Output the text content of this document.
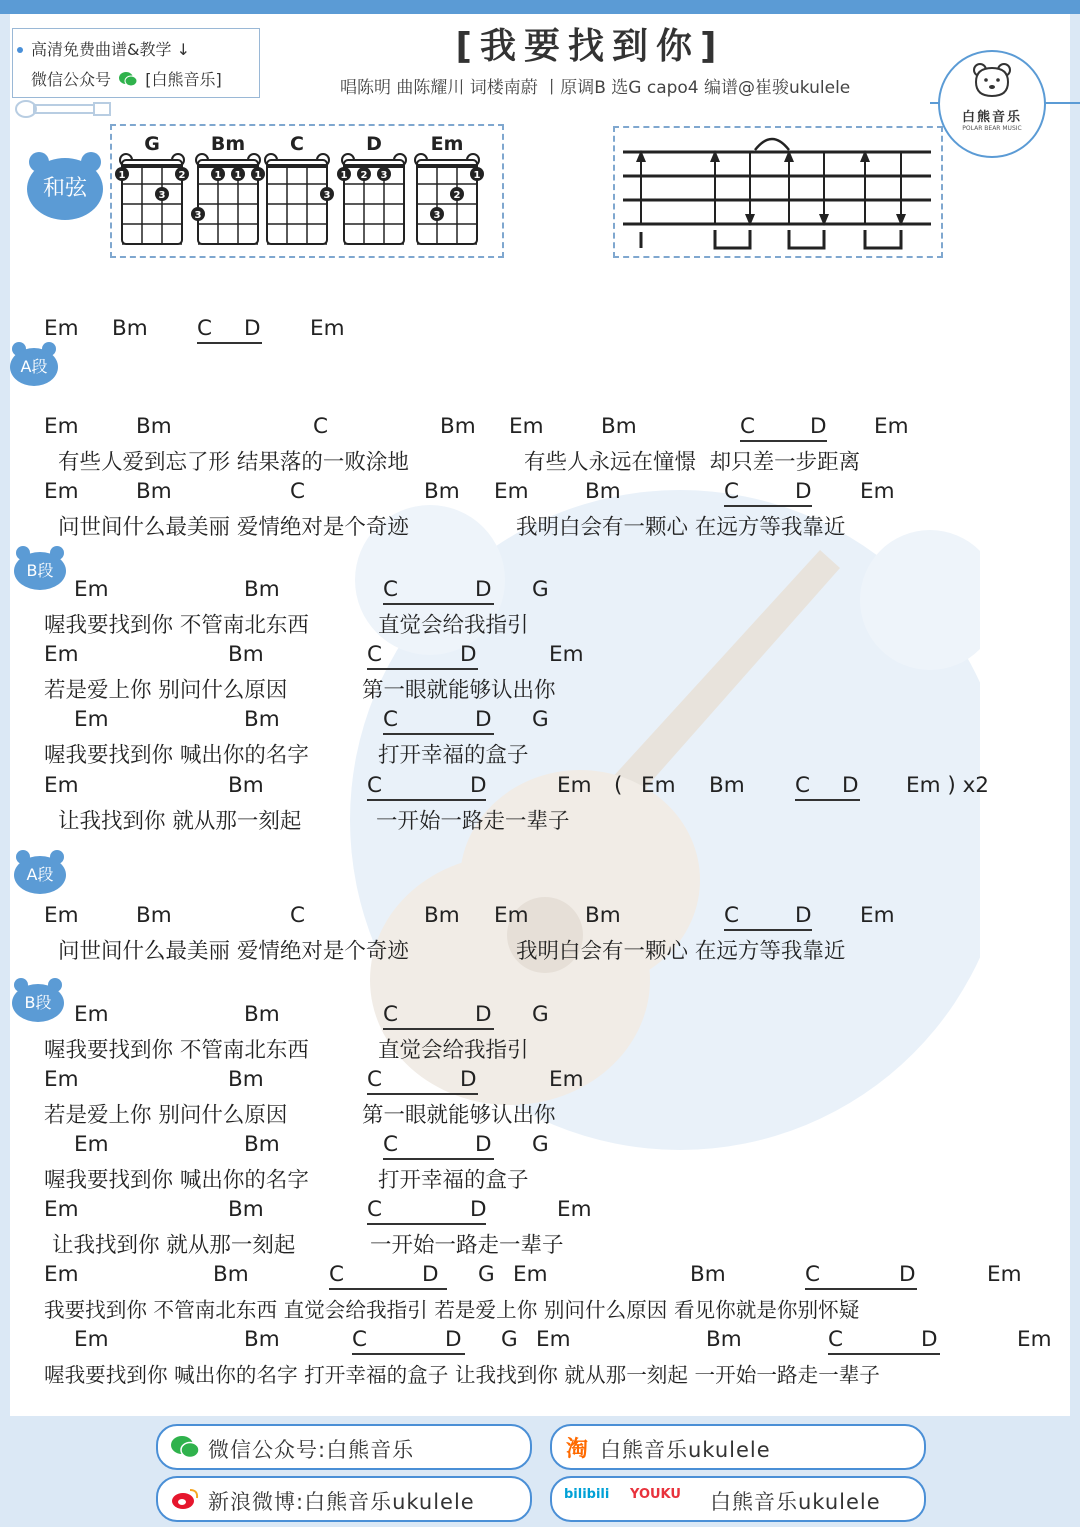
高清免费曲谱&教学 ↓
微信公众号 [白熊音乐]
[我要找到你]
唱陈明 曲陈耀川 词楼南蔚 丨原调B 选G capo4 编谱@崔骏ukulele
白熊音乐
POLAR BEAR MUSIC
和弦
G
1	2
3
Bm
1 1 1
3
C
3
D
1 2 3
Em
1
2
3
A段
B段
A段
B段
有些人爱到忘了形 结果落的一败涂地	有些人永远在憧憬  却只差一步距离
问世间什么最美丽 爱情绝对是个奇迹	我明白会有一颗心 在远方等我靠近
喔我要找到你 不管南北东西	直觉会给我指引
若是爱上你 别问什么原因	第一眼就能够认出你
喔我要找到你 喊出你的名字	打开幸福的盒子
让我找到你 就从那一刻起	一开始一路走一辈子
问世间什么最美丽 爱情绝对是个奇迹	我明白会有一颗心 在远方等我靠近
喔我要找到你 不管南北东西	直觉会给我指引
若是爱上你 别问什么原因	第一眼就能够认出你
喔我要找到你 喊出你的名字	打开幸福的盒子
让我找到你 就从那一刻起	一开始一路走一辈子
我要找到你 不管南北东西 直觉会给我指引 若是爱上你 别问什么原因 看见你就是你别怀疑
喔我要找到你 喊出你的名字 打开幸福的盒子 让我找到你 就从那一刻起 一开始一路走一辈子
Em Bm C D Em
Em	Bm	C	Bm Em	Bm	C	D Em
Em	Bm	C	Bm Em	Bm	C	D Em
Em	Bm	C	D G
Em	Bm	C	D	Em
Em	Bm	C	D G
Em	Bm	C	D	Em ( Em Bm C D Em ) x2
Em	Bm	C	Bm Em	Bm	C	D Em
Em	Bm	C	D G
Em	Bm	C	D	Em
Em	Bm	C	D G
Em	Bm	C	D	Em
Em	Bm	C	D G Em	Bm	C	D	Em
Em	Bm	C	D G Em	Bm	C	D	Em
微信公众号:白熊音乐	淘 白熊音乐ukulele
新浪微博:白熊音乐ukulele	bilibili YOUKU 白熊音乐ukulele
